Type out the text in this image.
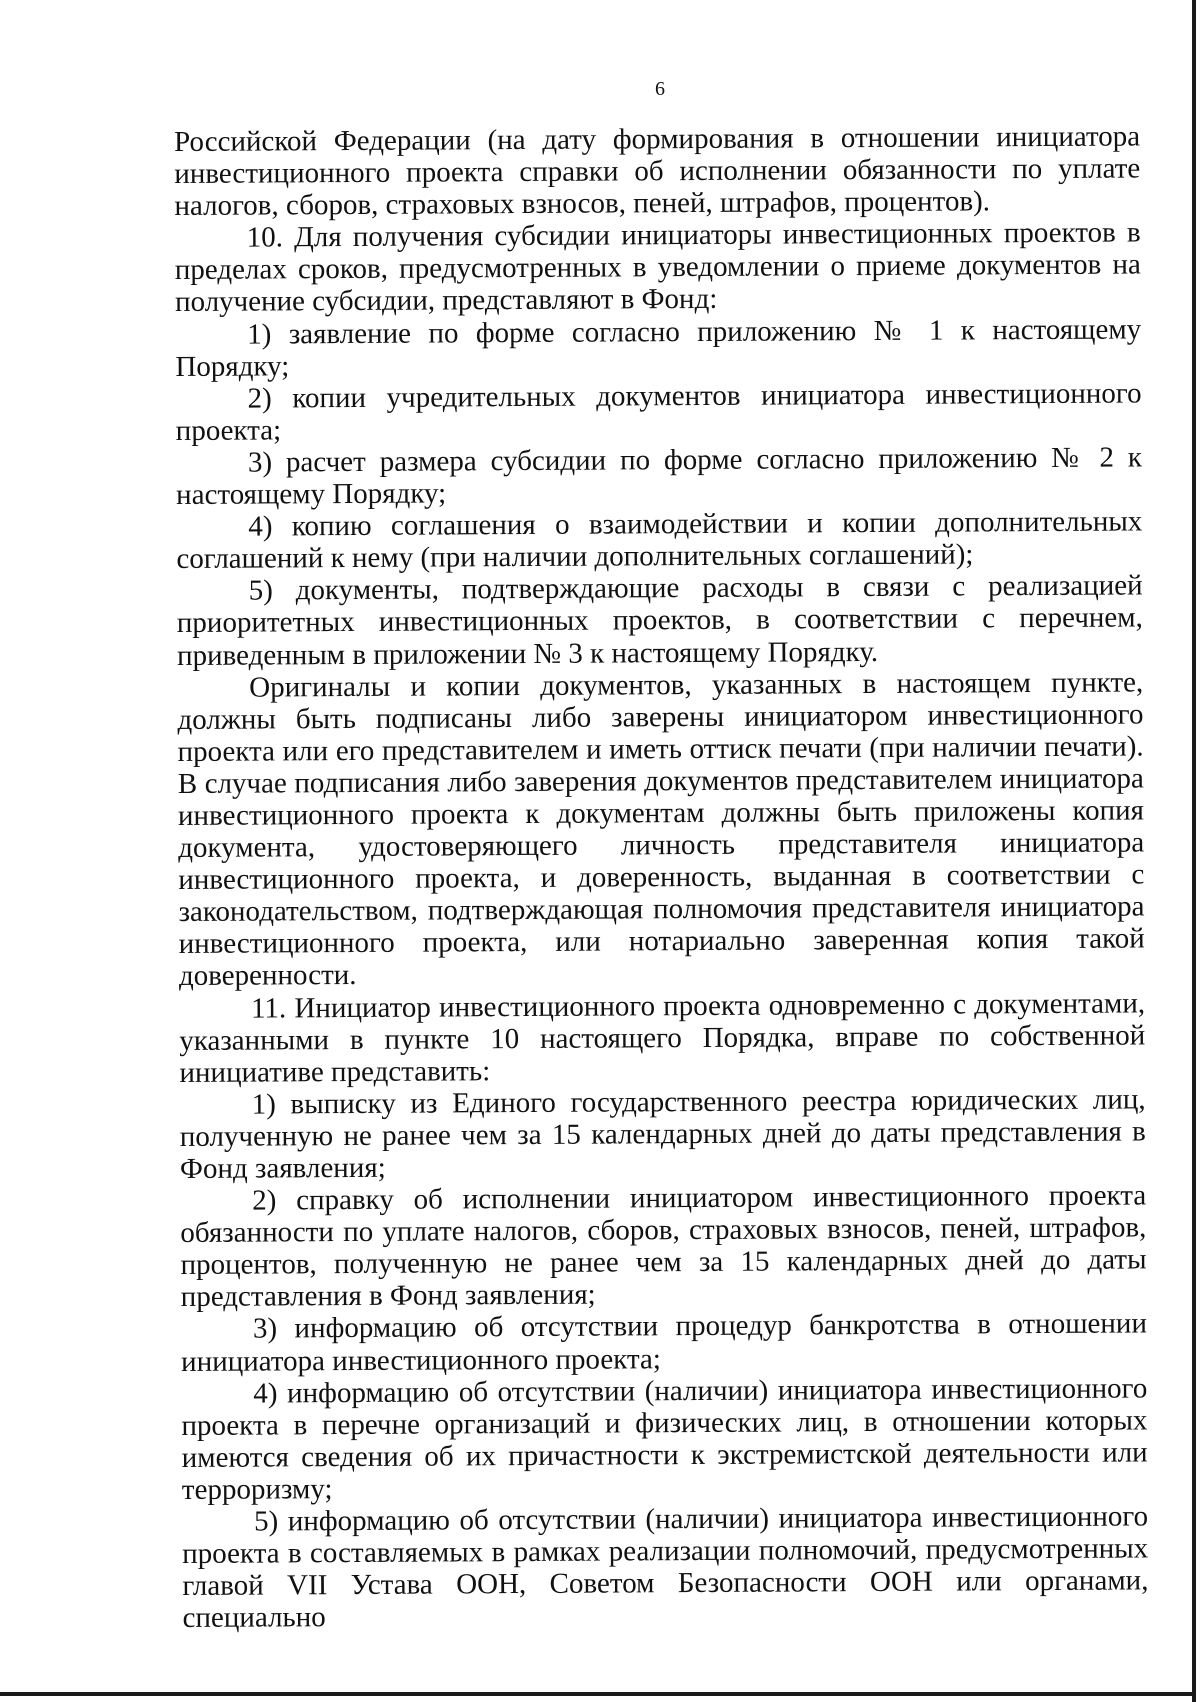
6

Российской Федерации (на дату формирования в отношении инициатора инвестиционного проекта справки об исполнении обязанности по уплате налогов, сборов, страховых взносов, пеней, штрафов, процентов).

10. Для получения субсидии инициаторы инвестиционных проектов в пределах сроков, предусмотренных в уведомлении о приеме документов на получение субсидии, представляют в Фонд:

1) заявление по форме согласно приложению № 1 к настоящему Порядку;

2) копии учредительных документов инициатора инвестиционного проекта;

3) расчет размера субсидии по форме согласно приложению № 2 к настоящему Порядку;

4) копию соглашения о взаимодействии и копии дополнительных соглашений к нему (при наличии дополнительных соглашений);

5) документы, подтверждающие расходы в связи с реализацией приоритетных инвестиционных проектов, в соответствии с перечнем, приведенным в приложении № 3 к настоящему Порядку.

Оригиналы и копии документов, указанных в настоящем пункте, должны быть подписаны либо заверены инициатором инвестиционного проекта или его представителем и иметь оттиск печати (при наличии печати). В случае подписания либо заверения документов представителем инициатора инвестиционного проекта к документам должны быть приложены копия документа, удостоверяющего личность представителя инициатора инвестиционного проекта, и доверенность, выданная в соответствии с законодательством, подтверждающая полномочия представителя инициатора инвестиционного проекта, или нотариально заверенная копия такой доверенности.

11. Инициатор инвестиционного проекта одновременно с документами, указанными в пункте 10 настоящего Порядка, вправе по собственной инициативе представить:

1) выписку из Единого государственного реестра юридических лиц, полученную не ранее чем за 15 календарных дней до даты представления в Фонд заявления;

2) справку об исполнении инициатором инвестиционного проекта обязанности по уплате налогов, сборов, страховых взносов, пеней, штрафов, процентов, полученную не ранее чем за 15 календарных дней до даты представления в Фонд заявления;

3) информацию об отсутствии процедур банкротства в отношении инициатора инвестиционного проекта;

4) информацию об отсутствии (наличии) инициатора инвестиционного проекта в перечне организаций и физических лиц, в отношении которых имеются сведения об их причастности к экстремистской деятельности или терроризму;

5) информацию об отсутствии (наличии) инициатора инвестиционного проекта в составляемых в рамках реализации полномочий, предусмотренных главой VII Устава ООН, Советом Безопасности ООН или органами, специально
